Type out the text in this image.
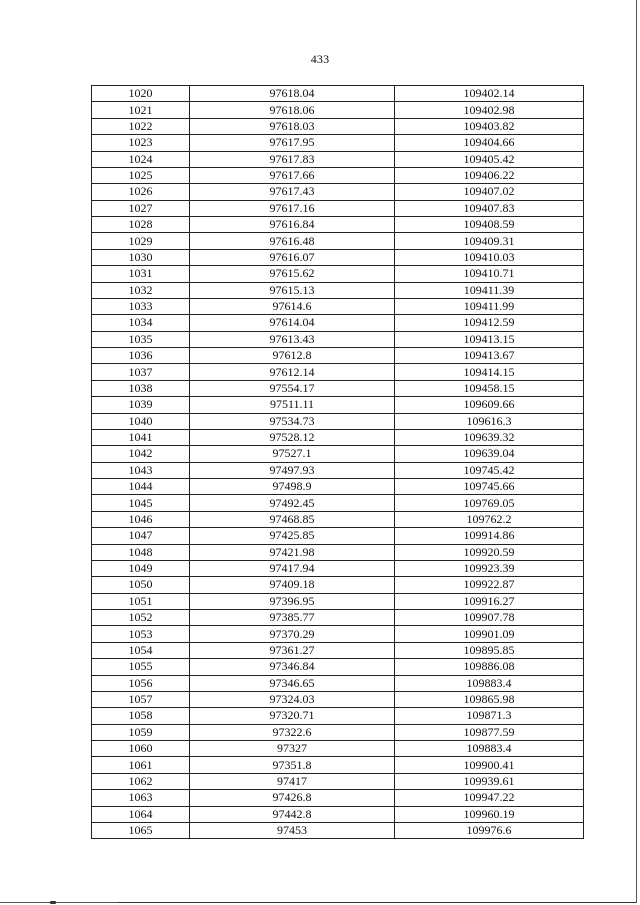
433
1020	97618.04	109402.14
1021	97618.06	109402.98
1022	97618.03	109403.82
1023	97617.95	109404.66
1024	97617.83	109405.42
1025	97617.66	109406.22
1026	97617.43	109407.02
1027	97617.16	109407.83
1028	97616.84	109408.59
1029	97616.48	109409.31
1030	97616.07	109410.03
1031	97615.62	109410.71
1032	97615.13	109411.39
1033	97614.6	109411.99
1034	97614.04	109412.59
1035	97613.43	109413.15
1036	97612.8	109413.67
1037	97612.14	109414.15
1038	97554.17	109458.15
1039	97511.11	109609.66
1040	97534.73	109616.3
1041	97528.12	109639.32
1042	97527.1	109639.04
1043	97497.93	109745.42
1044	97498.9	109745.66
1045	97492.45	109769.05
1046	97468.85	109762.2
1047	97425.85	109914.86
1048	97421.98	109920.59
1049	97417.94	109923.39
1050	97409.18	109922.87
1051	97396.95	109916.27
1052	97385.77	109907.78
1053	97370.29	109901.09
1054	97361.27	109895.85
1055	97346.84	109886.08
1056	97346.65	109883.4
1057	97324.03	109865.98
1058	97320.71	109871.3
1059	97322.6	109877.59
1060	97327	109883.4
1061	97351.8	109900.41
1062	97417	109939.61
1063	97426.8	109947.22
1064	97442.8	109960.19
1065	97453	109976.6
